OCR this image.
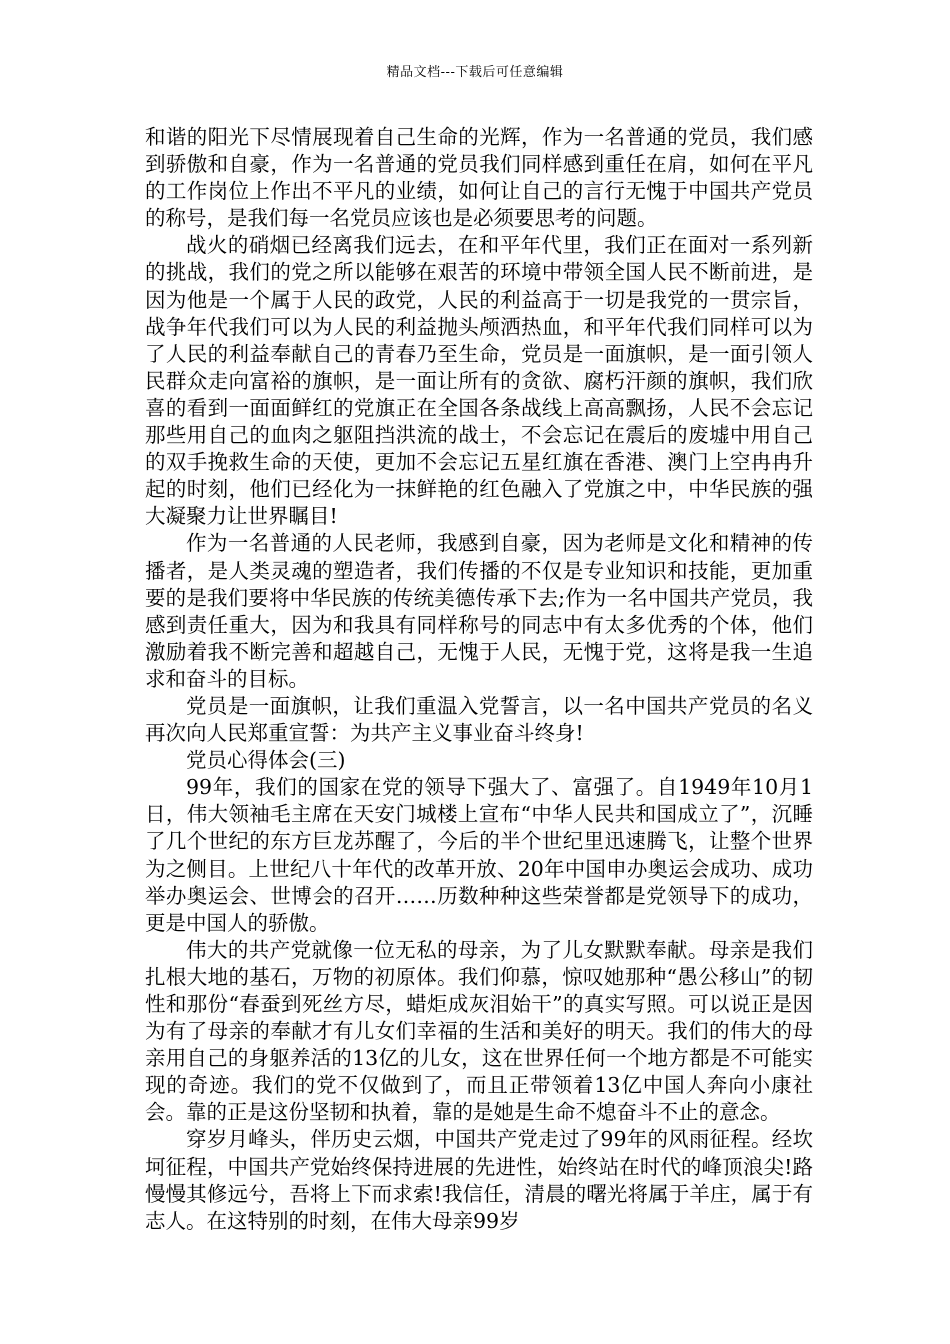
精品文档---下载后可任意编辑

和谐的阳光下尽情展现着自己生命的光辉，作为一名普通的党员，我们感到骄傲和自豪，作为一名普通的党员我们同样感到重任在肩，如何在平凡的工作岗位上作出不平凡的业绩，如何让自己的言行无愧于中国共产党员的称号，是我们每一名党员应该也是必须要思考的问题。

战火的硝烟已经离我们远去，在和平年代里，我们正在面对一系列新的挑战，我们的党之所以能够在艰苦的环境中带领全国人民不断前进，是因为他是一个属于人民的政党，人民的利益高于一切是我党的一贯宗旨，战争年代我们可以为人民的利益抛头颅洒热血，和平年代我们同样可以为了人民的利益奉献自己的青春乃至生命，党员是一面旗帜，是一面引领人民群众走向富裕的旗帜，是一面让所有的贪欲、腐朽汗颜的旗帜，我们欣喜的看到一面面鲜红的党旗正在全国各条战线上高高飘扬，人民不会忘记那些用自己的血肉之躯阻挡洪流的战士，不会忘记在震后的废墟中用自己的双手挽救生命的天使，更加不会忘记五星红旗在香港、澳门上空冉冉升起的时刻，他们已经化为一抹鲜艳的红色融入了党旗之中，中华民族的强大凝聚力让世界瞩目!

作为一名普通的人民老师，我感到自豪，因为老师是文化和精神的传播者，是人类灵魂的塑造者，我们传播的不仅是专业知识和技能，更加重要的是我们要将中华民族的传统美德传承下去;作为一名中国共产党员，我感到责任重大，因为和我具有同样称号的同志中有太多优秀的个体，他们激励着我不断完善和超越自己，无愧于人民，无愧于党，这将是我一生追求和奋斗的目标。

党员是一面旗帜，让我们重温入党誓言，以一名中国共产党员的名义再次向人民郑重宣誓：为共产主义事业奋斗终身!

党员心得体会(三)

99年，我们的国家在党的领导下强大了、富强了。自1949年10月1日，伟大领袖毛主席在天安门城楼上宣布“中华人民共和国成立了”，沉睡了几个世纪的东方巨龙苏醒了，今后的半个世纪里迅速腾飞，让整个世界为之侧目。上世纪八十年代的改革开放、20年中国申办奥运会成功、成功举办奥运会、世博会的召开……历数种种这些荣誉都是党领导下的成功，更是中国人的骄傲。

伟大的共产党就像一位无私的母亲，为了儿女默默奉献。母亲是我们扎根大地的基石，万物的初原体。我们仰慕，惊叹她那种“愚公移山”的韧性和那份“春蚕到死丝方尽，蜡炬成灰泪始干”的真实写照。可以说正是因为有了母亲的奉献才有儿女们幸福的生活和美好的明天。我们的伟大的母亲用自己的身躯养活的13亿的儿女，这在世界任何一个地方都是不可能实现的奇迹。我们的党不仅做到了，而且正带领着13亿中国人奔向小康社会。靠的正是这份坚韧和执着，靠的是她是生命不熄奋斗不止的意念。

穿岁月峰头，伴历史云烟，中国共产党走过了99年的风雨征程。经坎坷征程，中国共产党始终保持进展的先进性，始终站在时代的峰顶浪尖!路慢慢其修远兮，吾将上下而求索!我信任，清晨的曙光将属于羊庄，属于有志人。在这特别的时刻，在伟大母亲99岁
